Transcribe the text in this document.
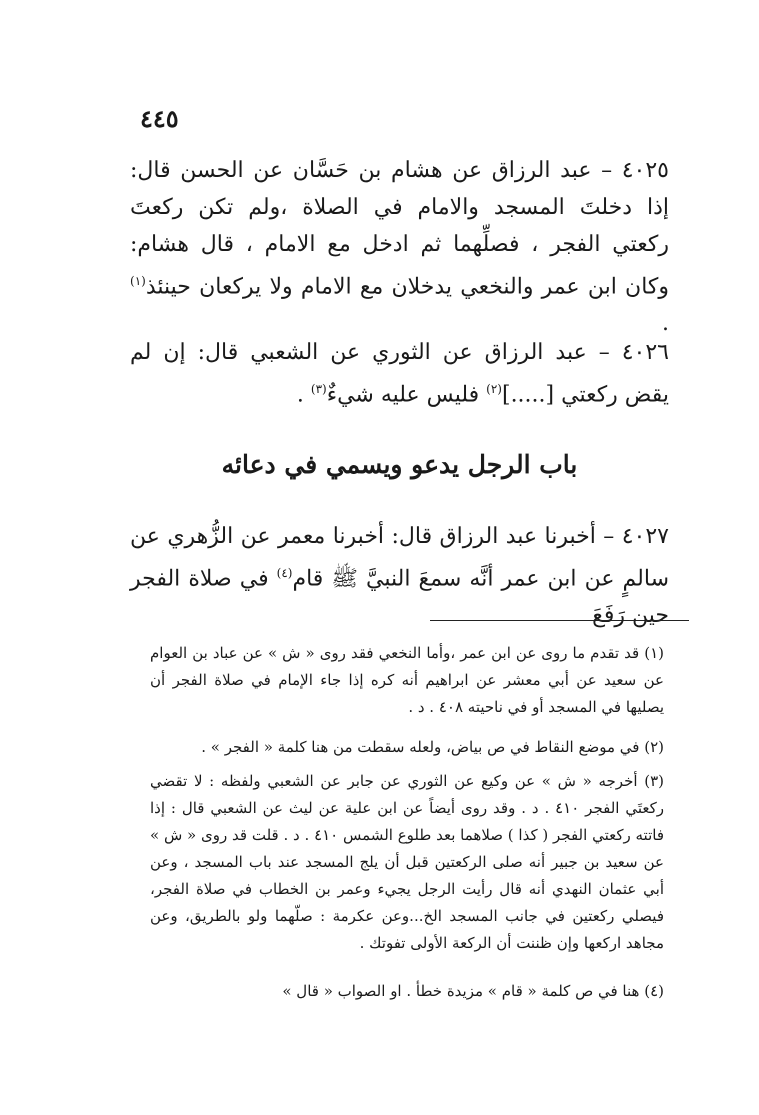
٤٤٥

٤٠٢٥ – عبد الرزاق عن هشام بن حَسَّان عن الحسن قال: إذا دخلتَ المسجد والامام في الصلاة ،ولم تكن ركعتَ ركعتي الفجر ، فصلِّهما ثم ادخل مع الامام ، قال هشام: وكان ابن عمر والنخعي يدخلان مع الامام ولا يركعان حينئذ$^{(١)}$ .

٤٠٢٦ – عبد الرزاق عن الثوري عن الشعبي قال: إن لم يقض ركعتي [.....]$^{(٢)}$ فليس عليه شيءٌ$^{(٣)}$ .

باب الرجل يدعو ويسمي في دعائه

٤٠٢٧ – أخبرنا عبد الرزاق قال: أخبرنا معمر عن الزُّهري عن سالمٍ عن ابن عمر أنَّه سمعَ النبيَّ ﷺ قام$^{(٤)}$ في صلاة الفجر حين رَفَعَ

(١) قد تقدم ما روى عن ابن عمر ،وأما النخعي فقد روى « ش » عن عباد بن العوام عن سعيد عن أبي معشر عن ابراهيم أنه كره إذا جاء الإمام في صلاة الفجر أن يصليها في المسجد أو في ناحيته ٤٠٨ . د .

(٢) في موضع النقاط في ص بياض، ولعله سقطت من هنا كلمة « الفجر » .

(٣) أخرجه « ش » عن وكيع عن الثوري عن جابر عن الشعبي ولفظه : لا تقضي ركعتَي الفجر ٤١٠ . د . وقد روى أيضاً عن ابن علية عن ليث عن الشعبي قال : إذا فاتته ركعتي الفجر ( كذا ) صلاهما بعد طلوع الشمس ٤١٠ . د . قلت قد روى « ش » عن سعيد بن جبير أنه صلى الركعتين قبل أن يلج المسجد عند باب المسجد ، وعن أبي عثمان النهدي أنه قال رأيت الرجل يجيء وعمر بن الخطاب في صلاة الفجر، فيصلي ركعتين في جانب المسجد الخ...وعن عكرمة : صلّهما ولو بالطريق، وعن مجاهد اركعها وإن ظننت أن الركعة الأولى تفوتك .

(٤) هنا في ص كلمة « قام » مزيدة خطأ . او الصواب « قال »
